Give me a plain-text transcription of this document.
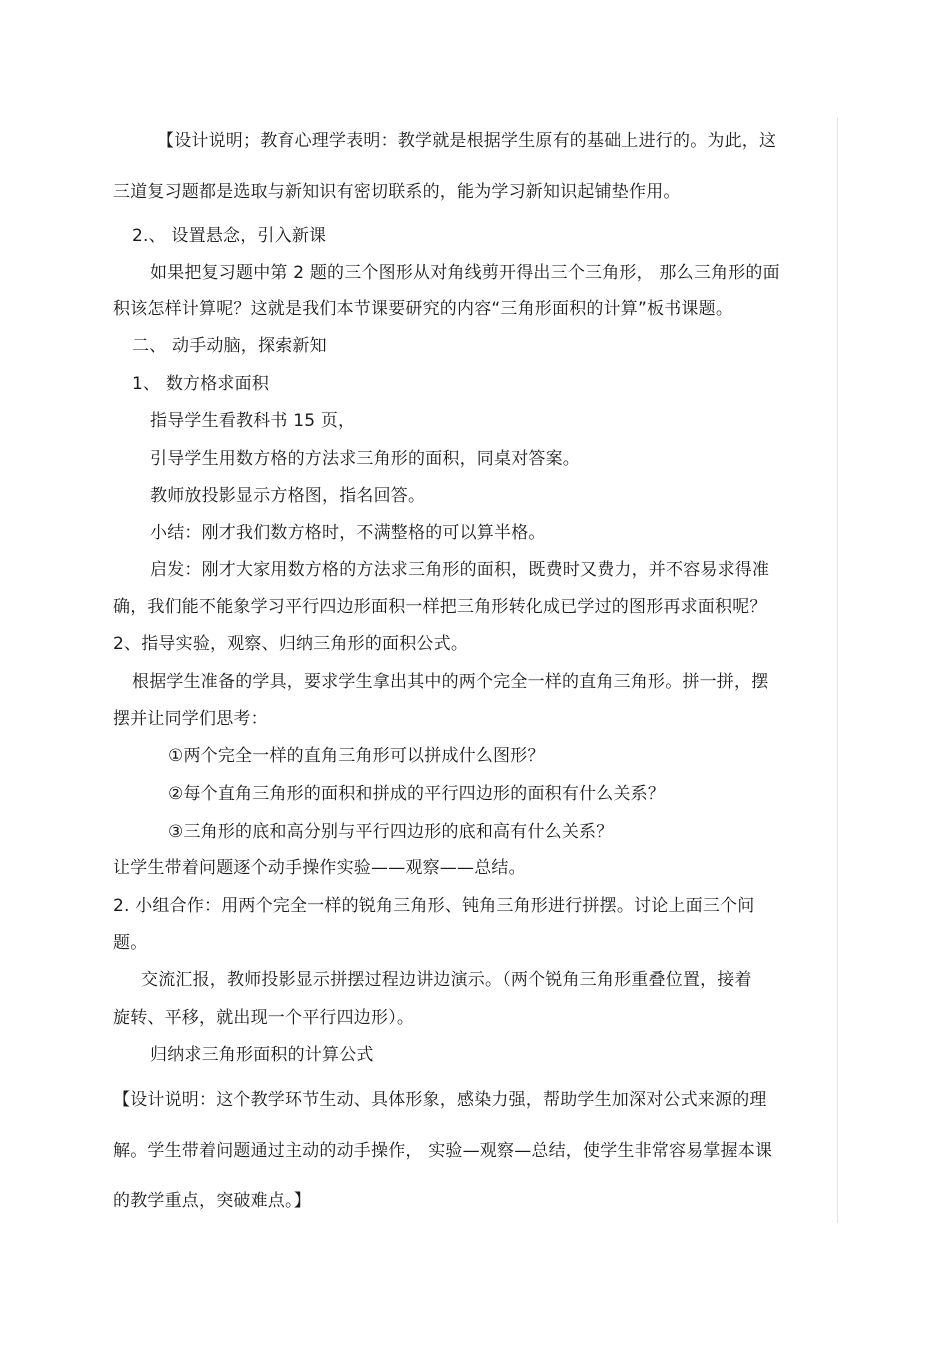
【设计说明；教育心理学表明：教学就是根据学生原有的基础上进行的。为此，这
三道复习题都是选取与新知识有密切联系的，能为学习新知识起铺垫作用。
2.、 设置悬念，引入新课
如果把复习题中第 2 题的三个图形从对角线剪开得出三个三角形， 那么三角形的面
积该怎样计算呢？这就是我们本节课要研究的内容“三角形面积的计算”板书课题。
二、 动手动脑，探索新知
1、 数方格求面积
指导学生看教科书 15 页，
引导学生用数方格的方法求三角形的面积，同桌对答案。
教师放投影显示方格图，指名回答。
小结：刚才我们数方格时，不满整格的可以算半格。
启发：刚才大家用数方格的方法求三角形的面积，既费时又费力，并不容易求得准
确，我们能不能象学习平行四边形面积一样把三角形转化成已学过的图形再求面积呢？
2、指导实验，观察、归纳三角形的面积公式。
根据学生准备的学具，要求学生拿出其中的两个完全一样的直角三角形。拼一拼，摆
摆并让同学们思考：
①两个完全一样的直角三角形可以拼成什么图形？
②每个直角三角形的面积和拼成的平行四边形的面积有什么关系？
③三角形的底和高分别与平行四边形的底和高有什么关系？
让学生带着问题逐个动手操作实验——观察——总结。
2. 小组合作：用两个完全一样的锐角三角形、钝角三角形进行拼摆。讨论上面三个问
题。
交流汇报，教师投影显示拼摆过程边讲边演示。（两个锐角三角形重叠位置，接着
旋转、平移，就出现一个平行四边形）。
归纳求三角形面积的计算公式
【设计说明：这个教学环节生动、具体形象，感染力强，帮助学生加深对公式来源的理
解。学生带着问题通过主动的动手操作， 实验—观察—总结，使学生非常容易掌握本课
的教学重点，突破难点。】
